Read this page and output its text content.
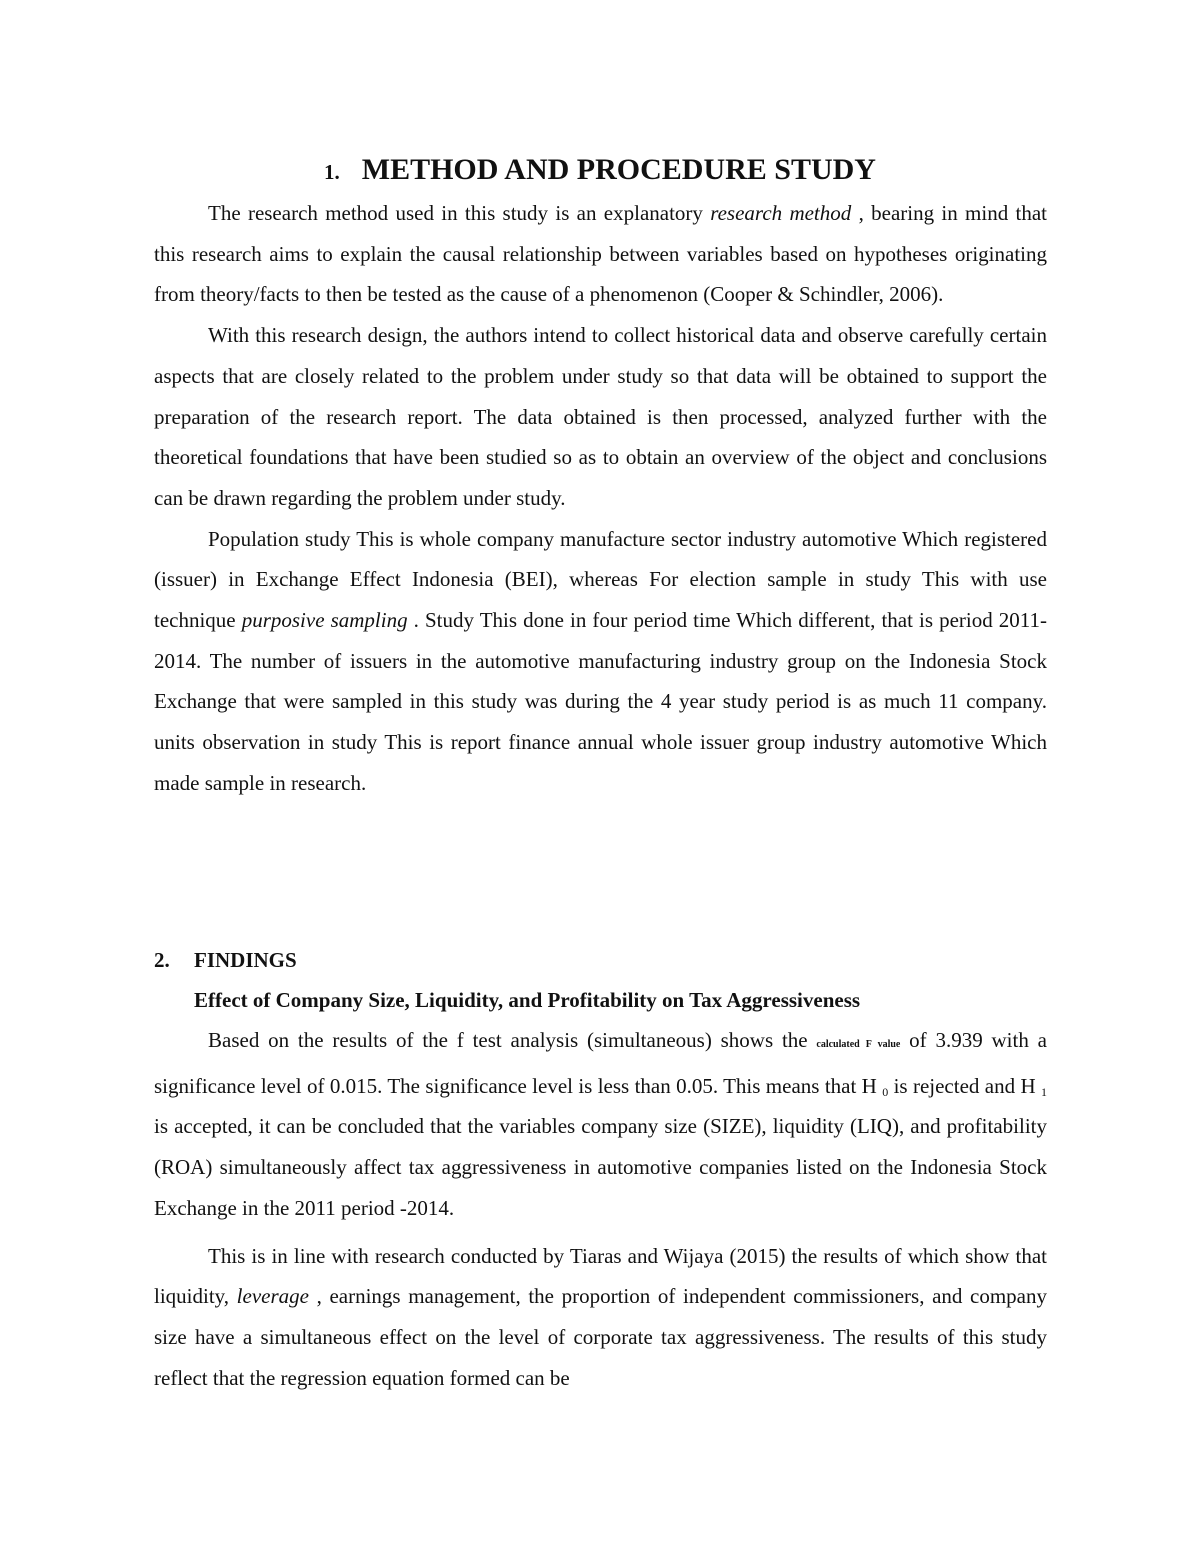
1. METHOD AND PROCEDURE STUDY

The research method used in this study is an explanatory research method , bearing in mind that this research aims to explain the causal relationship between variables based on hypotheses originating from theory/facts to then be tested as the cause of a phenomenon (Cooper & Schindler, 2006).

With this research design, the authors intend to collect historical data and observe carefully certain aspects that are closely related to the problem under study so that data will be obtained to support the preparation of the research report. The data obtained is then processed, analyzed further with the theoretical foundations that have been studied so as to obtain an overview of the object and conclusions can be drawn regarding the problem under study.

Population study This is whole company manufacture sector industry automotive Which registered (issuer) in Exchange Effect Indonesia (BEI), whereas For election sample in study This with use technique purposive sampling . Study This done in four period time Which different, that is period 2011-2014. The number of issuers in the automotive manufacturing industry group on the Indonesia Stock Exchange that were sampled in this study was during the 4 year study period is as much 11 company. units observation in study This is report finance annual whole issuer group industry automotive Which made sample in research.

2. FINDINGS
Effect of Company Size, Liquidity, and Profitability on Tax Aggressiveness

Based on the results of the f test analysis (simultaneous) shows the calculated F value of 3.939 with a significance level of 0.015. The significance level is less than 0.05. This means that H $_0$ is rejected and H $_1$ is accepted, it can be concluded that the variables company size (SIZE), liquidity (LIQ), and profitability (ROA) simultaneously affect tax aggressiveness in automotive companies listed on the Indonesia Stock Exchange in the 2011 period -2014.

This is in line with research conducted by Tiaras and Wijaya (2015) the results of which show that liquidity, leverage , earnings management, the proportion of independent commissioners, and company size have a simultaneous effect on the level of corporate tax aggressiveness. The results of this study reflect that the regression equation formed can be
